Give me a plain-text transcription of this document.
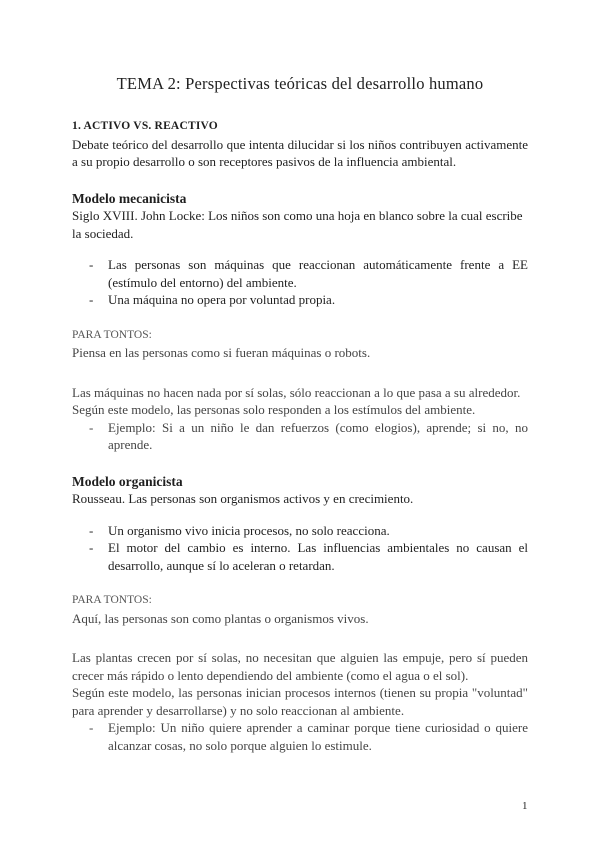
TEMA 2: Perspectivas teóricas del desarrollo humano

1. ACTIVO VS. REACTIVO

Debate teórico del desarrollo que intenta dilucidar si los niños contribuyen activamente a su propio desarrollo o son receptores pasivos de la influencia ambiental.

Modelo mecanicista

Siglo XVIII. John Locke: Los niños son como una hoja en blanco sobre la cual escribe la sociedad.

- Las personas son máquinas que reaccionan automáticamente frente a EE (estímulo del entorno) del ambiente.
- Una máquina no opera por voluntad propia.

PARA TONTOS:

Piensa en las personas como si fueran máquinas o robots.

Las máquinas no hacen nada por sí solas, sólo reaccionan a lo que pasa a su alrededor.

Según este modelo, las personas solo responden a los estímulos del ambiente.

- Ejemplo: Si a un niño le dan refuerzos (como elogios), aprende; si no, no aprende.

Modelo organicista

Rousseau. Las personas son organismos activos y en crecimiento.

- Un organismo vivo inicia procesos, no solo reacciona.
- El motor del cambio es interno. Las influencias ambientales no causan el desarrollo, aunque sí lo aceleran o retardan.

PARA TONTOS:

Aquí, las personas son como plantas o organismos vivos.

Las plantas crecen por sí solas, no necesitan que alguien las empuje, pero sí pueden crecer más rápido o lento dependiendo del ambiente (como el agua o el sol).

Según este modelo, las personas inician procesos internos (tienen su propia "voluntad" para aprender y desarrollarse) y no solo reaccionan al ambiente.

- Ejemplo: Un niño quiere aprender a caminar porque tiene curiosidad o quiere alcanzar cosas, no solo porque alguien lo estimule.
1
